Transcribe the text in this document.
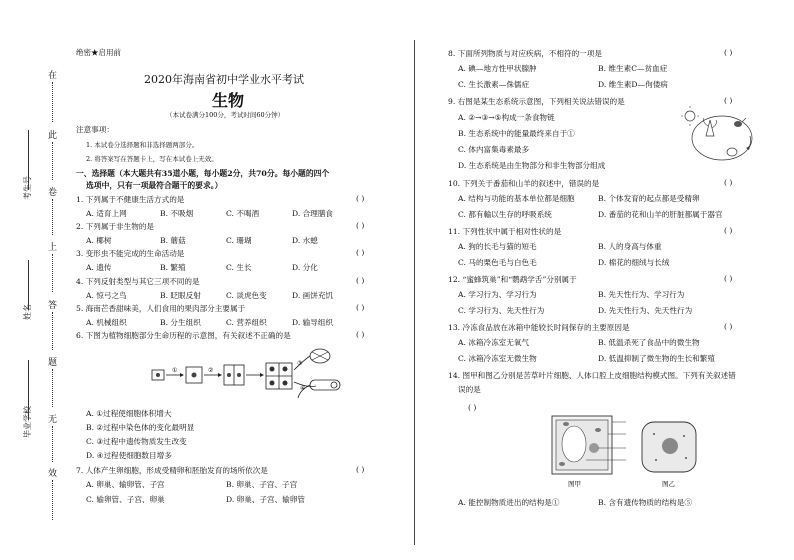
在
此
卷
上
答
题
无
效
考生号
姓名
毕业学校
绝密★启用前
2020年海南省初中学业水平考试
生物
（本试卷满分100分，考试时间60分钟）
注意事项：
1. 本试卷分选择题和非选择题两部分。
2. 将答案写在答题卡上，写在本试卷上无效。
一、选择题（本大题共有35道小题，每小题2分，共70分。每小题的四个
选项中，只有一项最符合题干的要求。）
1. 下列属于不健康生活方式的是	( )
A. 适育上网	B. 不吸烟	C. 不喝酒	D. 合理膳食
2. 下列属于非生物的是	( )
A. 椰树	B. 蘑菇	C. 珊瑚	D. 水螅
3. 变形虫不能完成的生命活动是	( )
A. 遗传	B. 繁殖	C. 生长	D. 分化
4. 下列反射类型与其它三项不同的是	( )
A. 惊弓之鸟	B. 眨眼反射	C. 谈虎色变	D. 画饼充饥
5. 海南芒香甜味美，人们食用的果肉部分主要属于	( )
A. 机械组织	B. 分生组织	C. 营养组织	D. 输导组织
6. 下图为植物细胞部分生命历程的示意图，有关叙述不正确的是	( )
①	②
③
④
A. ①过程使细胞体积增大
B. ②过程中染色体的变化最明显
C. ③过程中遗传物质发生改变
D. ④过程使细胞数目增多
7. 人体产生卵细胞，形成受精卵和胚胎发育的场所依次是	( )
A. 卵巢、输卵管、子宫	B. 卵巢、子宫、子宫
C. 输卵管、子宫、卵巢	D. 卵巢、子宫、输卵管
8. 下面所列物质与对应疾病，不相符的一项是	( )
A. 碘—地方性甲状腺肿	B. 维生素C—贫血症
C. 生长激素—侏儒症	D. 维生素D—佝偻病
9. 右图是某生态系统示意图，下列相关说法错误的是	( )
A. ②→③→⑤构成一条食物链
B. 生态系统中的能量最终来自于①
C. 体内富集毒素最多
D. 生态系统是由生物部分和非生物部分组成
10. 下列关于番茄和山羊的叙述中，错误的是	( )
A. 结构与功能的基本单位都是细胞	B. 个体发育的起点都是受精卵
C. 都有輸以生存的呼吸系统	D. 番茄的花和山羊的肝脏都属于器官
11. 下列性状中属于相对性状的是	( )
A. 狗的长毛与猫的短毛	B. 人的身高与体重
C. 马的栗色毛与白色毛	D. 棉花的细绒与长绒
12. “蜜蜂筑巢”和“鹦鹉学舌”分别属于	( )
A. 学习行为、学习行为	B. 先天性行为、学习行为
C. 学习行为、先天性行为	D. 先天性行为、先天性行为
13. 冷冻食品放在冰箱中能较长时间保存的主要原因是	( )
A. 冰箱冷冻室无氧气	B. 低温杀死了食品中的微生物
C. 冰箱冷冻室无微生物	D. 低温抑制了微生物的生长和繁殖
14. 图甲和图乙分别是苦草叶片细胞、人体口腔上皮细胞结构模式图。下列有关叙述错
误的是
( )
图甲	图乙
A. 能控制物质进出的结构是①	B. 含有遗传物质的结构是⑤
